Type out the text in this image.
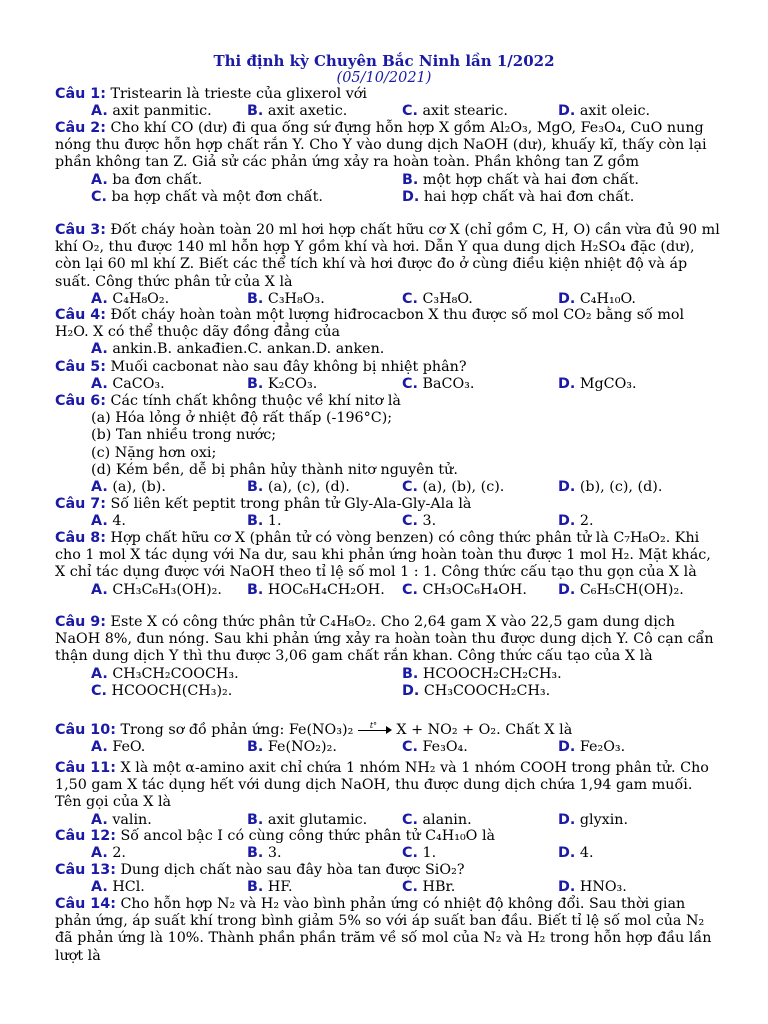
Thi định kỳ Chuyên Bắc Ninh lần 1/2022
(05/10/2021)
Câu 1: Tristearin là trieste của glixerol với
A. axit panmitic. B. axit axetic.	C. axit stearic.	D. axit oleic.
Câu 2: Cho khí CO (dư) đi qua ống sứ đựng hỗn hợp X gồm Al₂O₃, MgO, Fe₃O₄, CuO nung nóng thu được hỗn hợp chất rắn Y. Cho Y vào dung dịch NaOH (dư), khuấy kĩ, thấy còn lại phần không tan Z. Giả sử các phản ứng xảy ra hoàn toàn. Phần không tan Z gồm
A. ba đơn chất.	B. một hợp chất và hai đơn chất.
C. ba hợp chất và một đơn chất.	D. hai hợp chất và hai đơn chất.
Câu 3: Đốt cháy hoàn toàn 20 ml hơi hợp chất hữu cơ X (chỉ gồm C, H, O) cần vừa đủ 90 ml khí O₂, thu được 140 ml hỗn hợp Y gồm khí và hơi. Dẫn Y qua dung dịch H₂SO₄ đặc (dư), còn lại 60 ml khí Z. Biết các thể tích khí và hơi được đo ở cùng điều kiện nhiệt độ và áp suất. Công thức phân tử của X là
A. C₄H₈O₂.	B. C₃H₈O₃.	C. C₃H₈O.	D. C₄H₁₀O.
Câu 4: Đốt cháy hoàn toàn một lượng hiđrocacbon X thu được số mol CO₂ bằng số mol H₂O. X có thể thuộc dãy đồng đẳng của
A. ankin.B. ankađien.C. ankan.D. anken.
Câu 5: Muối cacbonat nào sau đây không bị nhiệt phân?
A. CaCO₃.	B. K₂CO₃.	C. BaCO₃.	D. MgCO₃.
Câu 6: Các tính chất không thuộc về khí nitơ là
(a) Hóa lỏng ở nhiệt độ rất thấp (-196°C);
(b) Tan nhiều trong nước;
(c) Nặng hơn oxi;
(d) Kém bền, dễ bị phân hủy thành nitơ nguyên tử.
A. (a), (b).	B. (a), (c), (d).	C. (a), (b), (c).	D. (b), (c), (d).
Câu 7: Số liên kết peptit trong phân tử Gly-Ala-Gly-Ala là
A. 4.	B. 1.	C. 3.	D. 2.
Câu 8: Hợp chất hữu cơ X (phân tử có vòng benzen) có công thức phân tử là C₇H₈O₂. Khi cho 1 mol X tác dụng với Na dư, sau khi phản ứng hoàn toàn thu được 1 mol H₂. Mặt khác, X chỉ tác dụng được với NaOH theo tỉ lệ số mol 1 : 1. Công thức cấu tạo thu gọn của X là
A. CH₃C₆H₃(OH)₂. B. HOC₆H₄CH₂OH. C. CH₃OC₆H₄OH. D. C₆H₅CH(OH)₂.
Câu 9: Este X có công thức phân tử C₄H₈O₂. Cho 2,64 gam X vào 22,5 gam dung dịch NaOH 8%, đun nóng. Sau khi phản ứng xảy ra hoàn toàn thu được dung dịch Y. Cô cạn cẩn thận dung dịch Y thì thu được 3,06 gam chất rắn khan. Công thức cấu tạo của X là
A. CH₃CH₂COOCH₃.	B. HCOOCH₂CH₂CH₃.
C. HCOOCH(CH₃)₂.	D. CH₃COOCH₂CH₃.
Câu 10: Trong sơ đồ phản ứng: Fe(NO₃)₂ t° X + NO₂ + O₂. Chất X là
A. FeO.	B. Fe(NO₂)₂.	C. Fe₃O₄.	D. Fe₂O₃.
Câu 11: X là một α-amino axit chỉ chứa 1 nhóm NH₂ và 1 nhóm COOH trong phân tử. Cho 1,50 gam X tác dụng hết với dung dịch NaOH, thu được dung dịch chứa 1,94 gam muối. Tên gọi của X là
A. valin.	B. axit glutamic. C. alanin.	D. glyxin.
Câu 12: Số ancol bậc I có cùng công thức phân tử C₄H₁₀O là
A. 2.	B. 3.	C. 1.	D. 4.
Câu 13: Dung dịch chất nào sau đây hòa tan được SiO₂?
A. HCl.	B. HF.	C. HBr.	D. HNO₃.
Câu 14: Cho hỗn hợp N₂ và H₂ vào bình phản ứng có nhiệt độ không đổi. Sau thời gian phản ứng, áp suất khí trong bình giảm 5% so với áp suất ban đầu. Biết tỉ lệ số mol của N₂ đã phản ứng là 10%. Thành phần phần trăm về số mol của N₂ và H₂ trong hỗn hợp đầu lần lượt là
